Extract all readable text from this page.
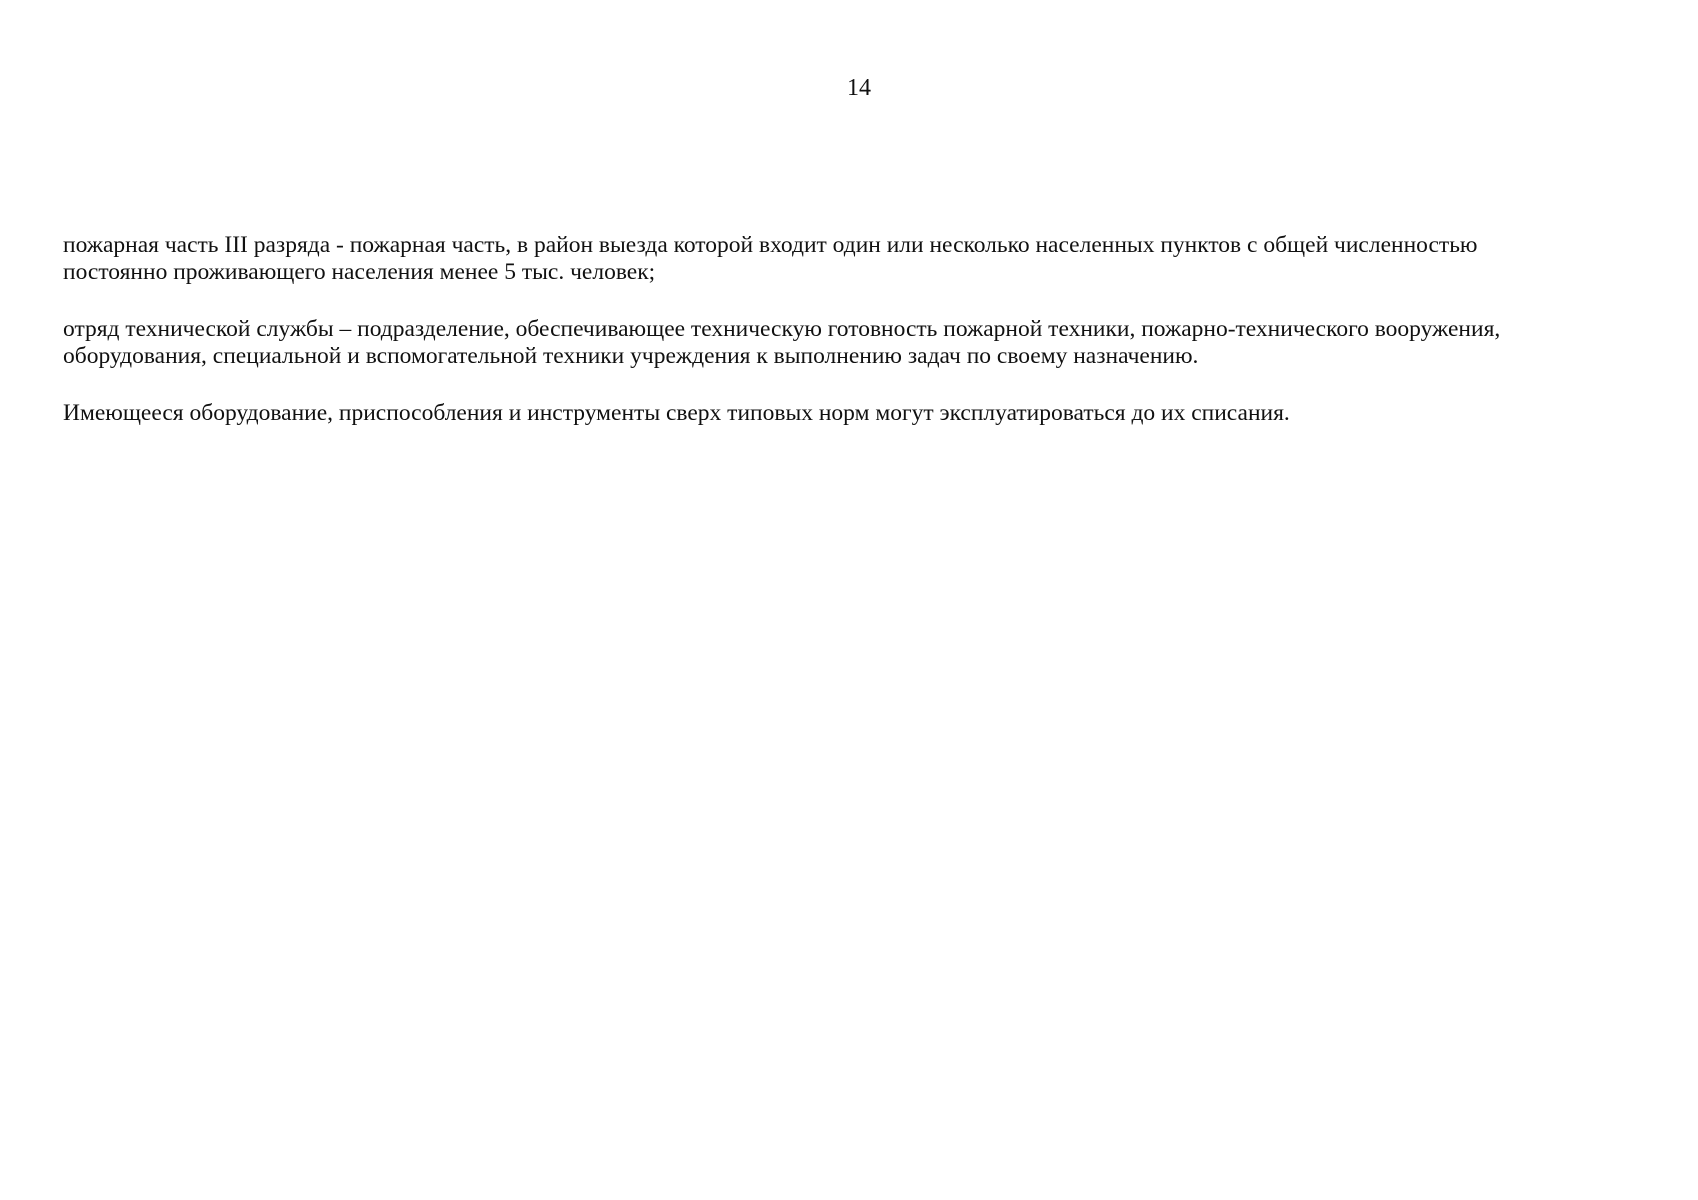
14

пожарная часть III разряда - пожарная часть, в район выезда которой входит один или несколько населенных пунктов с общей численностью
постоянно проживающего населения менее 5 тыс. человек;

отряд технической службы – подразделение, обеспечивающее техническую готовность пожарной техники, пожарно-технического вооружения,
оборудования, специальной и вспомогательной техники учреждения к выполнению задач по своему назначению.

Имеющееся оборудование, приспособления и инструменты сверх типовых норм могут эксплуатироваться до их списания.
